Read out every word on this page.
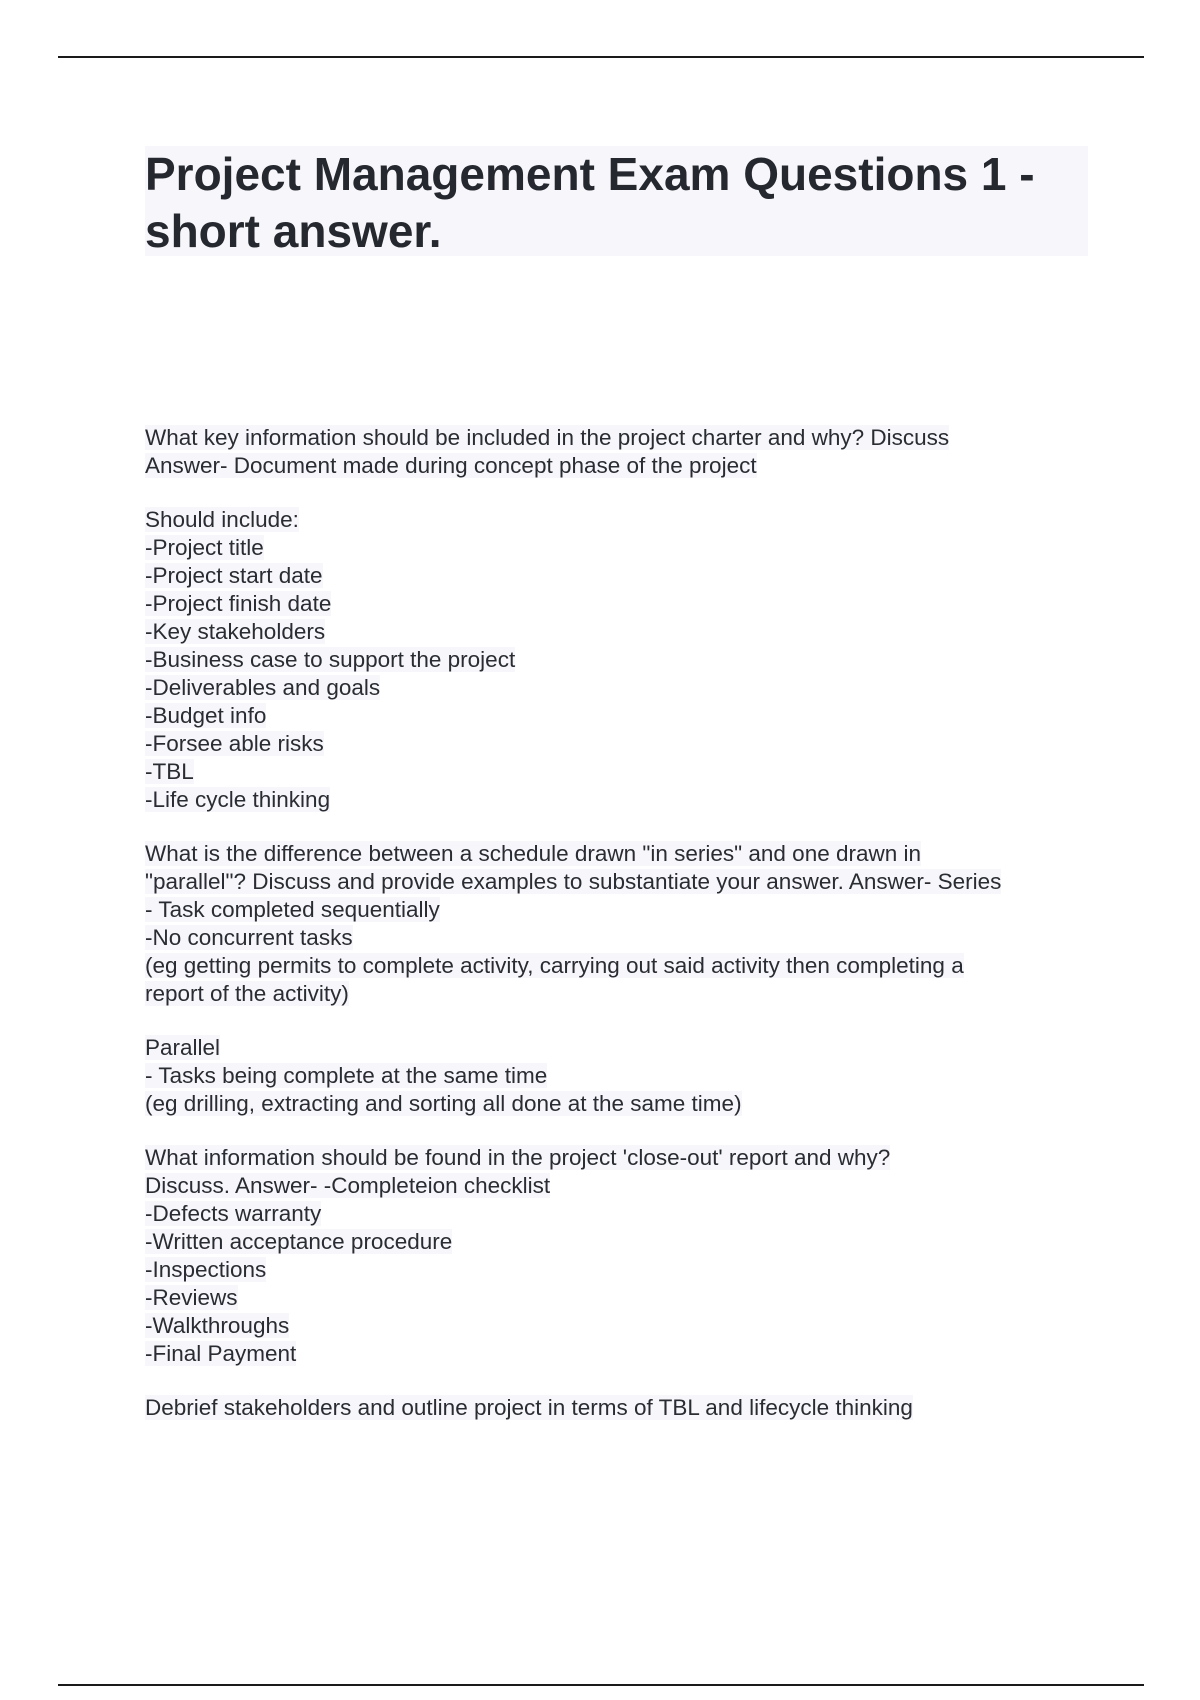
Project Management Exam Questions 1 - short answer.
What key information should be included in the project charter and why? Discuss
Answer- Document made during concept phase of the project
Should include:
-Project title
-Project start date
-Project finish date
-Key stakeholders
-Business case to support the project
-Deliverables and goals
-Budget info
-Forsee able risks
-TBL
-Life cycle thinking
What is the difference between a schedule drawn "in series" and one drawn in
"parallel"? Discuss and provide examples to substantiate your answer. Answer- Series
- Task completed sequentially
-No concurrent tasks
(eg getting permits to complete activity, carrying out said activity then completing a
report of the activity)
Parallel
- Tasks being complete at the same time
(eg drilling, extracting and sorting all done at the same time)
What information should be found in the project 'close-out' report and why?
Discuss. Answer- -Completeion checklist
-Defects warranty
-Written acceptance procedure
-Inspections
-Reviews
-Walkthroughs
-Final Payment
Debrief stakeholders and outline project in terms of TBL and lifecycle thinking
